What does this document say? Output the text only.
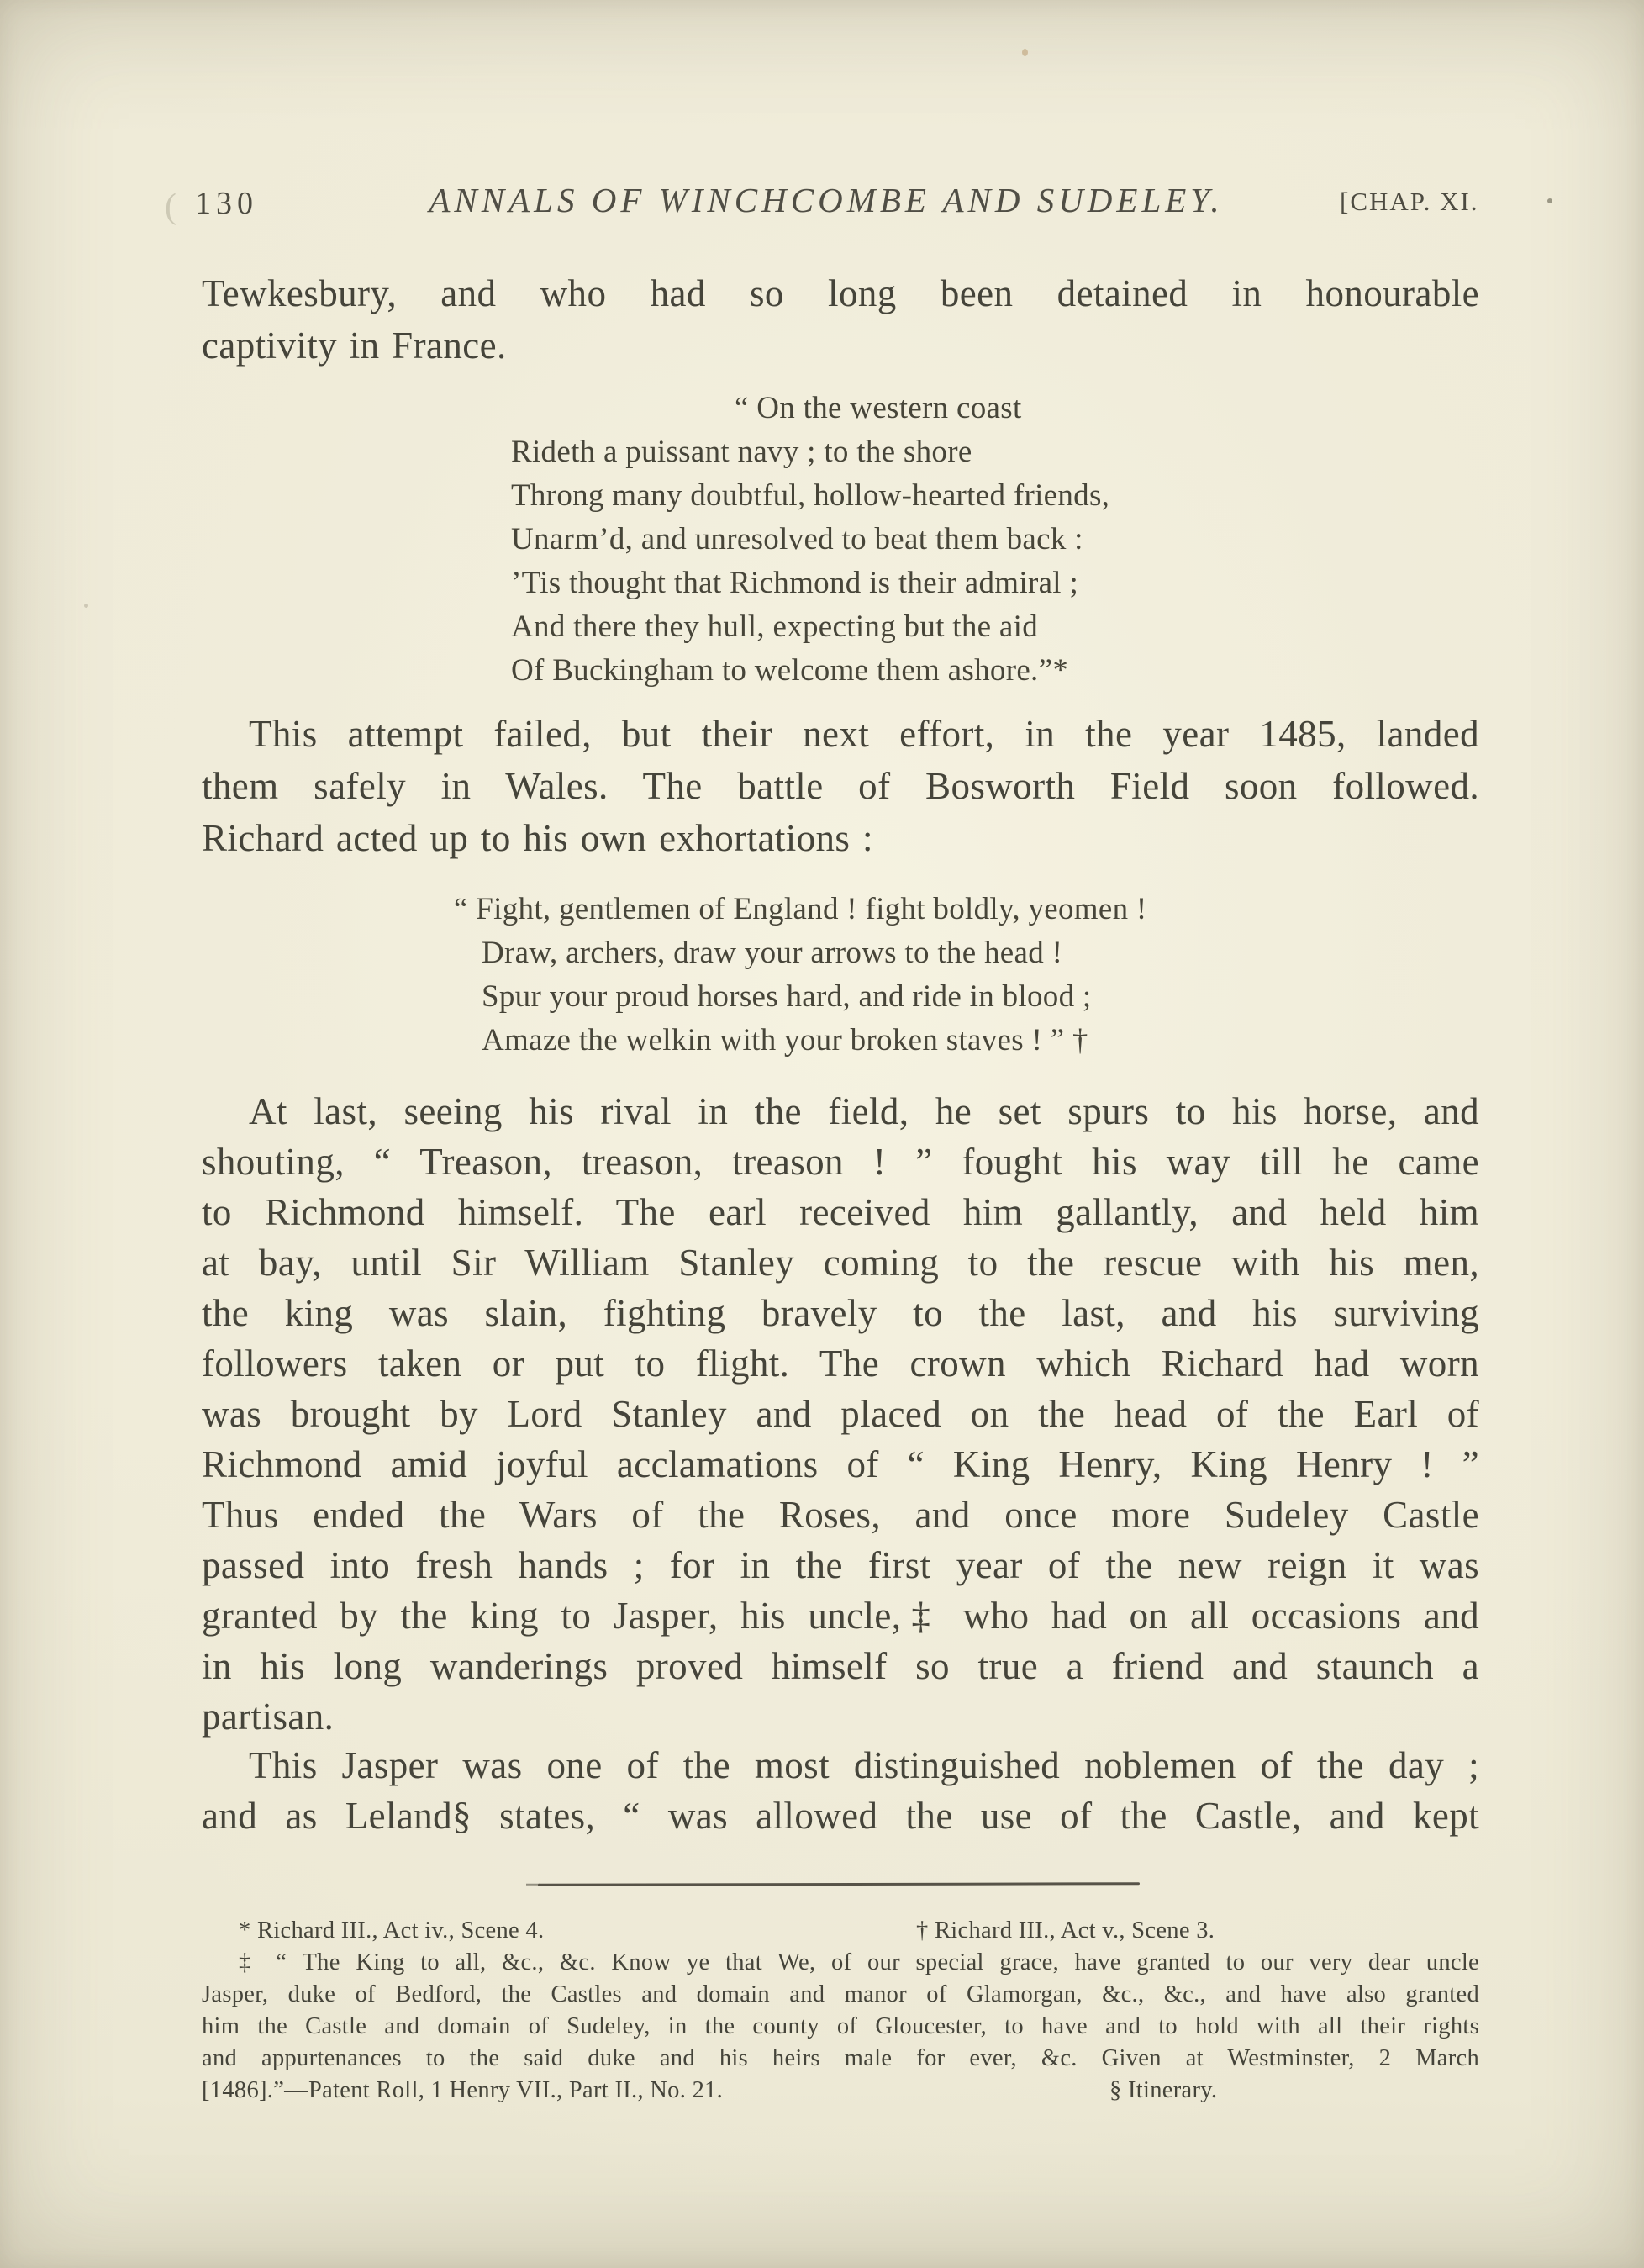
( 130	ANNALS OF WINCHCOMBE AND SUDELEY.	[CHAP. XI.
Tewkesbury, and who had so long been detained in honourable
captivity in France.
“ On the western coast
Rideth a puissant navy ; to the shore
Throng many doubtful, hollow-hearted friends,
Unarm’d, and unresolved to beat them back :
’Tis thought that Richmond is their admiral ;
And there they hull, expecting but the aid
Of Buckingham to welcome them ashore.”*
This attempt failed, but their next effort, in the year 1485, landed
them safely in Wales. The battle of Bosworth Field soon followed.
Richard acted up to his own exhortations :
“ Fight, gentlemen of England ! fight boldly, yeomen !
Draw, archers, draw your arrows to the head !
Spur your proud horses hard, and ride in blood ;
Amaze the welkin with your broken staves ! ” †
At last, seeing his rival in the field, he set spurs to his horse, and
shouting, “ Treason, treason, treason ! ” fought his way till he came
to Richmond himself. The earl received him gallantly, and held him
at bay, until Sir William Stanley coming to the rescue with his men,
the king was slain, fighting bravely to the last, and his surviving
followers taken or put to flight. The crown which Richard had worn
was brought by Lord Stanley and placed on the head of the Earl of
Richmond amid joyful acclamations of “ King Henry, King Henry ! ”
Thus ended the Wars of the Roses, and once more Sudeley Castle
passed into fresh hands ; for in the first year of the new reign it was
granted by the king to Jasper, his uncle,‡ who had on all occasions and
in his long wanderings proved himself so true a friend and staunch a
partisan.
This Jasper was one of the most distinguished noblemen of the day ;
and as Leland§ states, “ was allowed the use of the Castle, and kept
* Richard III., Act iv., Scene 4.	† Richard III., Act v., Scene 3.
‡ “ The King to all, &c., &c. Know ye that We, of our special grace, have granted to our very dear uncle
Jasper, duke of Bedford, the Castles and domain and manor of Glamorgan, &c., &c., and have also granted
him the Castle and domain of Sudeley, in the county of Gloucester, to have and to hold with all their rights
and appurtenances to the said duke and his heirs male for ever, &c. Given at Westminster, 2 March
[1486].”—Patent Roll, 1 Henry VII., Part II., No. 21.	§ Itinerary.
